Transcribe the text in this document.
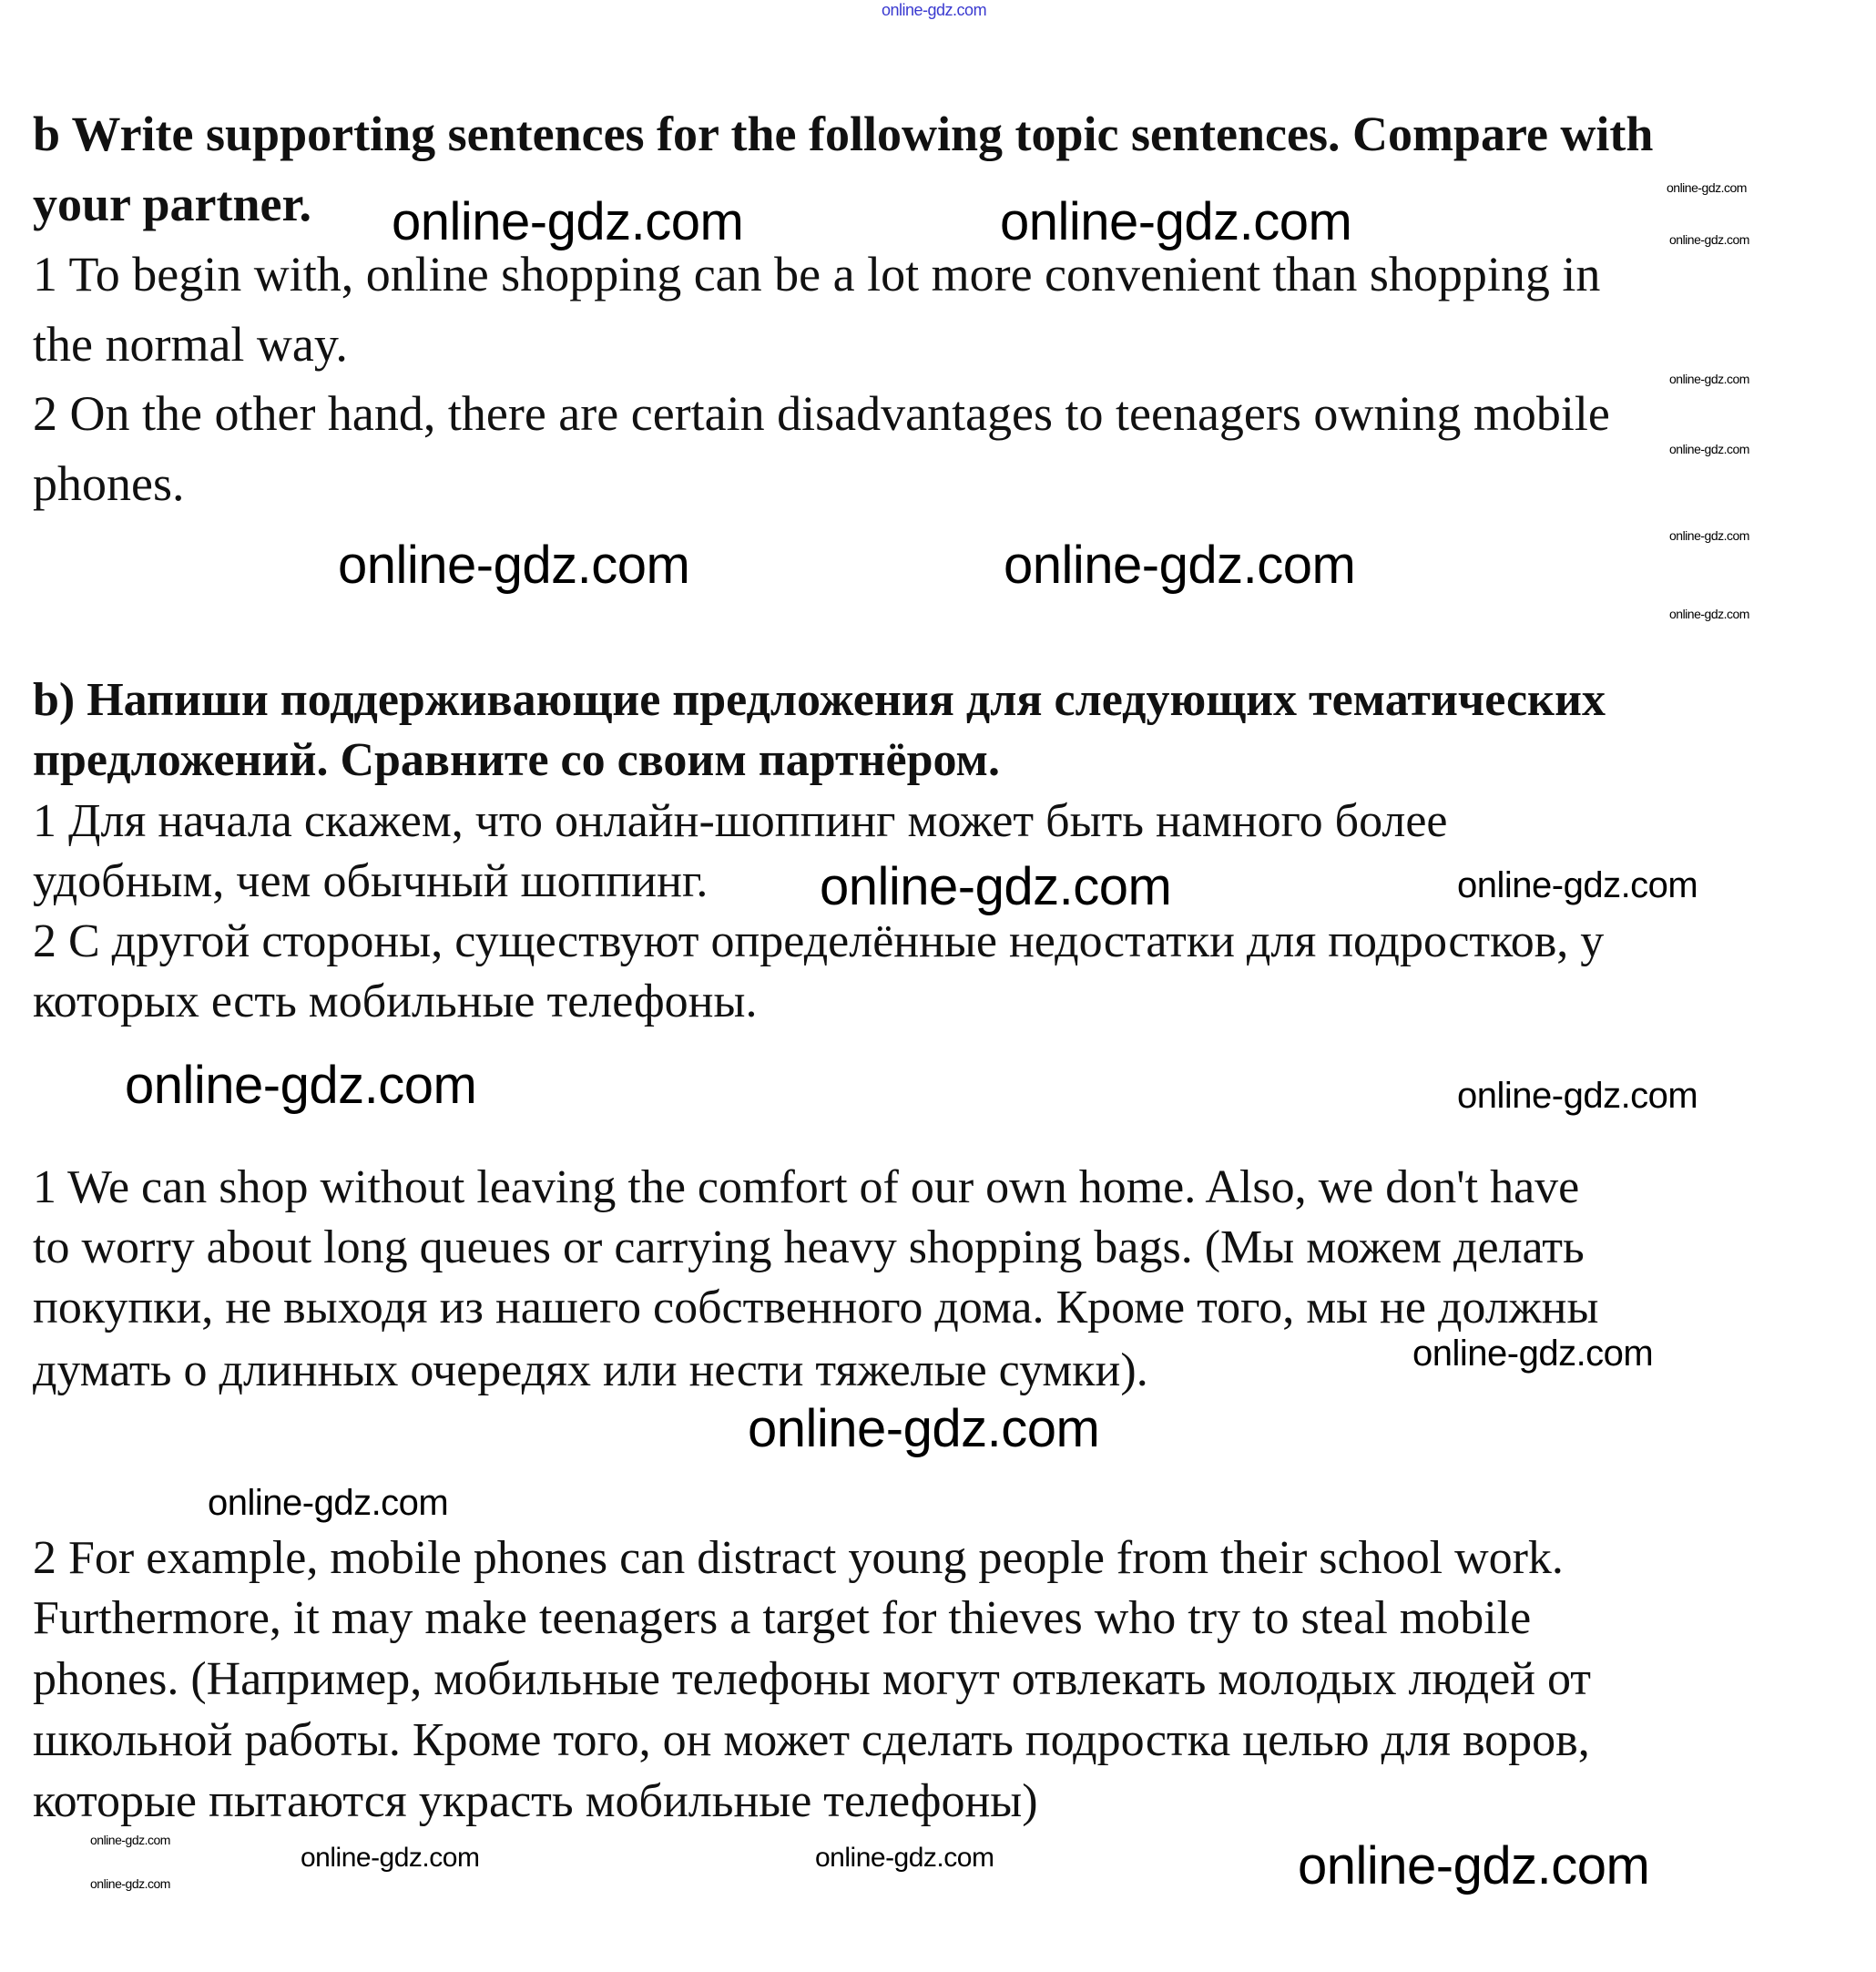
b Write supporting sentences for the following topic sentences. Compare with
your partner.
1 To begin with, online shopping can be a lot more convenient than shopping in
the normal way.
2 On the other hand, there are certain disadvantages to teenagers owning mobile
phones.
b) Напиши поддерживающие предложения для следующих тематических
предложений. Сравните со своим партнёром.
1 Для начала скажем, что онлайн-шоппинг может быть намного более
удобным, чем обычный шоппинг.
2 С другой стороны, существуют определённые недостатки для подростков, у
которых есть мобильные телефоны.
1 We can shop without leaving the comfort of our own home. Also, we don't have
to worry about long queues or carrying heavy shopping bags. (Мы можем делать
покупки, не выходя из нашего собственного дома. Кроме того, мы не должны
думать о длинных очередях или нести тяжелые сумки).
2 For example, mobile phones can distract young people from their school work.
Furthermore, it may make teenagers a target for thieves who try to steal mobile
phones. (Например, мобильные телефоны могут отвлекать молодых людей от
школьной работы. Кроме того, он может сделать подростка целью для воров,
которые пытаются украсть мобильные телефоны)
online-gdz.com
online-gdz.com	online-gdz.com
online-gdz.com	online-gdz.com
online-gdz.com
online-gdz.com
online-gdz.com
online-gdz.com
online-gdz.com
online-gdz.com
online-gdz.com
online-gdz.com
online-gdz.com	online-gdz.com
online-gdz.com
online-gdz.com
online-gdz.com
online-gdz.com
online-gdz.com
online-gdz.com
online-gdz.com
online-gdz.com
